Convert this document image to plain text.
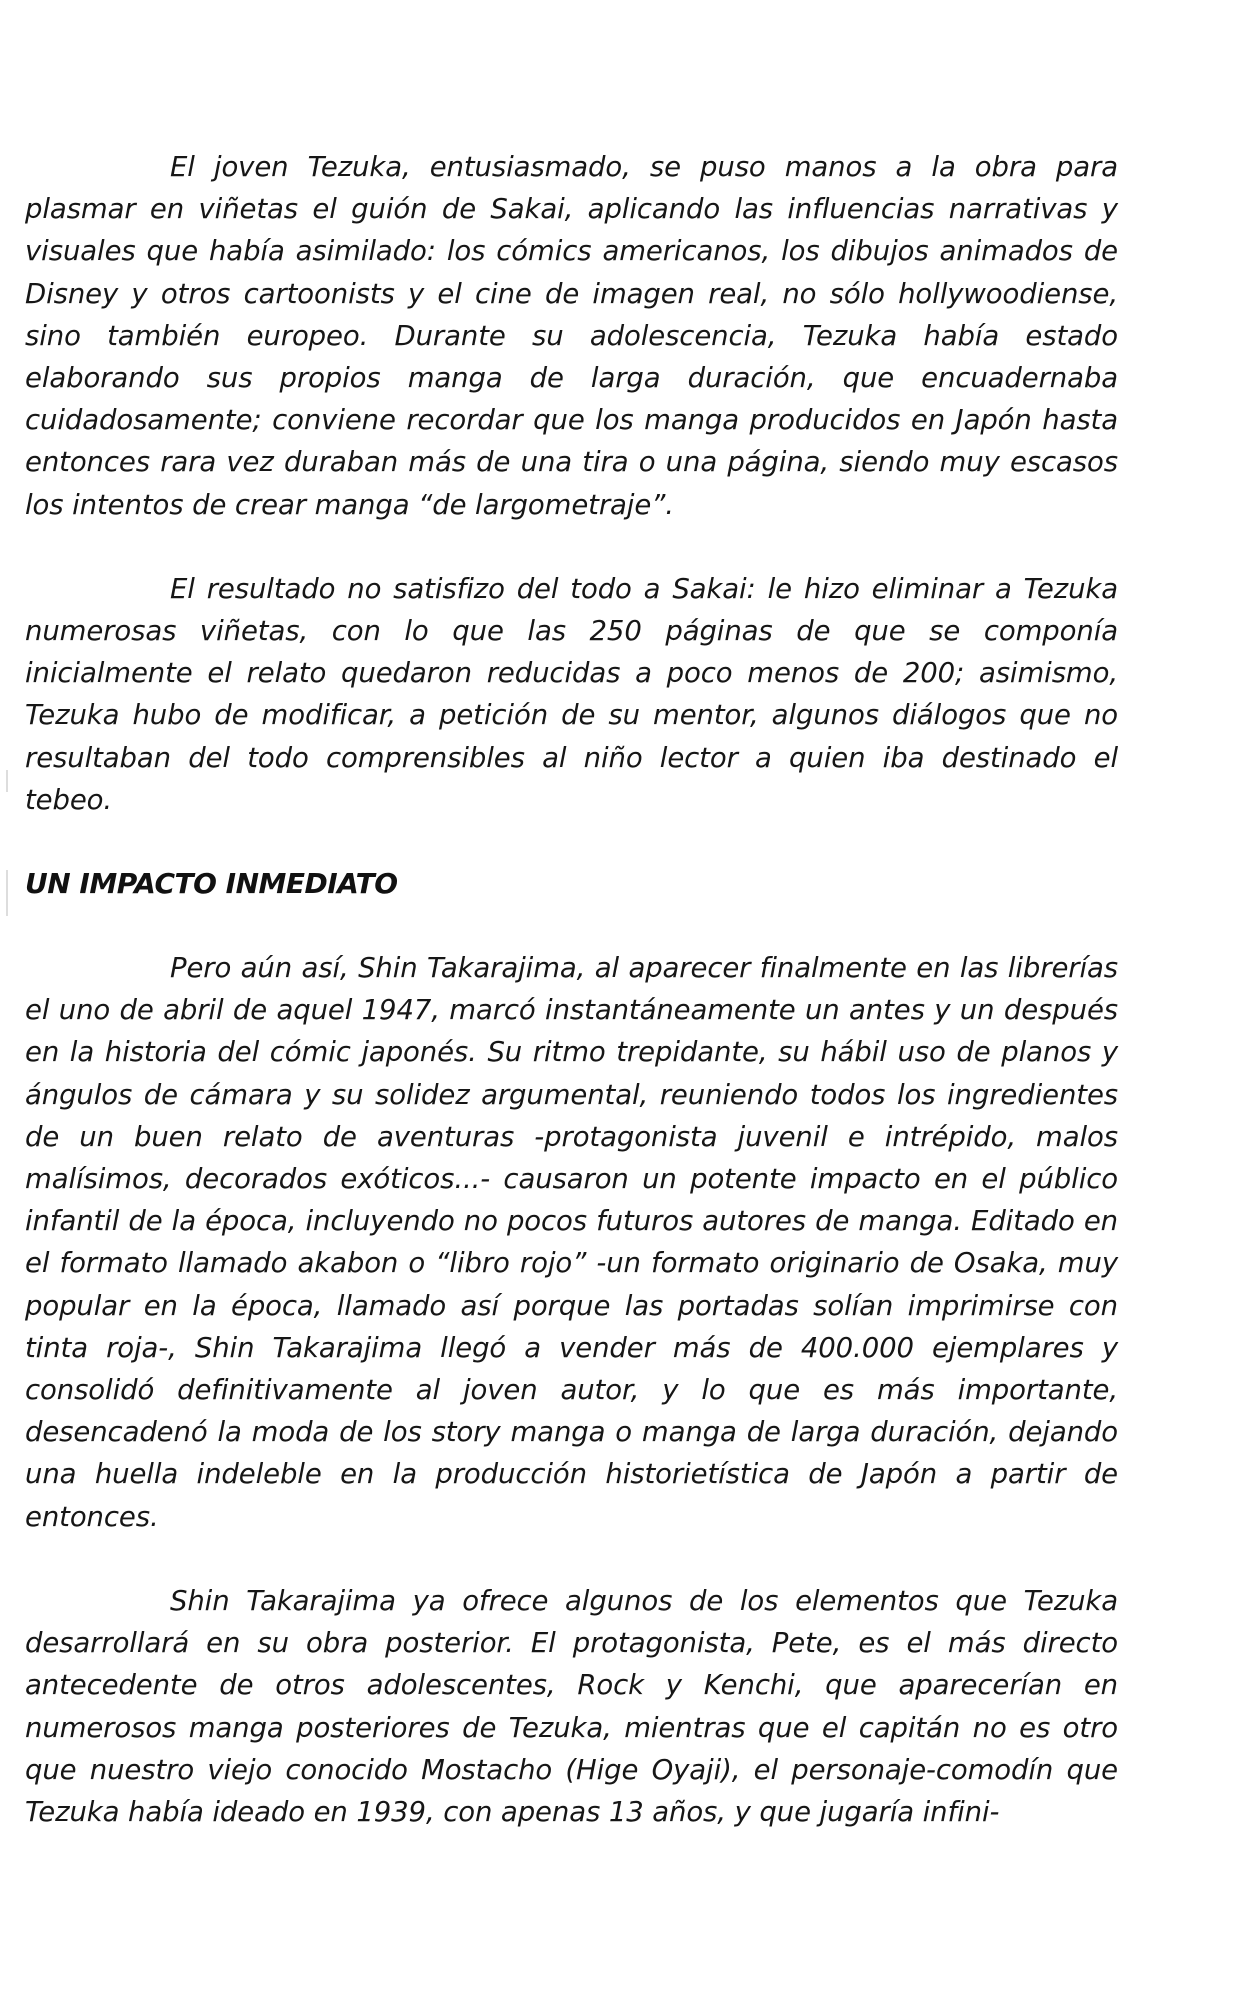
El joven Tezuka, entusiasmado, se puso manos a la obra para plasmar en viñetas el guión de Sakai, aplicando las influencias narrativas y visuales que había asimilado: los cómics americanos, los dibujos animados de Disney y otros cartoonists y el cine de imagen real, no sólo hollywoodiense, sino también europeo. Durante su adolescencia, Tezuka había estado elaborando sus propios manga de larga duración, que encuadernaba cuidadosamente; conviene recordar que los manga producidos en Japón hasta entonces rara vez duraban más de una tira o una página, siendo muy escasos los intentos de crear manga “de largometraje”.

El resultado no satisfizo del todo a Sakai: le hizo eliminar a Tezuka numerosas viñetas, con lo que las 250 páginas de que se componía inicialmente el relato quedaron reducidas a poco menos de 200; asimismo, Tezuka hubo de modificar, a petición de su mentor, algunos diálogos que no resultaban del todo comprensibles al niño lector a quien iba destinado el tebeo.

UN IMPACTO INMEDIATO

Pero aún así, Shin Takarajima, al aparecer finalmente en las librerías el uno de abril de aquel 1947, marcó instantáneamente un antes y un después en la historia del cómic japonés. Su ritmo trepidante, su hábil uso de planos y ángulos de cámara y su solidez argumental, reuniendo todos los ingredientes de un buen relato de aventuras -protagonista juvenil e intrépido, malos malísimos, decorados exóticos...- causaron un potente impacto en el público infantil de la época, incluyendo no pocos futuros autores de manga. Editado en el formato llamado akabon o “libro rojo” -un formato originario de Osaka, muy popular en la época, llamado así porque las portadas solían imprimirse con tinta roja-, Shin Takarajima llegó a vender más de 400.000 ejemplares y consolidó definitivamente al joven autor, y lo que es más importante, desencadenó la moda de los story manga o manga de larga duración, dejando una huella indeleble en la producción historietística de Japón a partir de entonces.

Shin Takarajima ya ofrece algunos de los elementos que Tezuka desarrollará en su obra posterior. El protagonista, Pete, es el más directo antecedente de otros adolescentes, Rock y Kenchi, que aparecerían en numerosos manga posteriores de Tezuka, mientras que el capitán no es otro que nuestro viejo conocido Mostacho (Hige Oyaji), el personaje-comodín que Tezuka había ideado en 1939, con apenas 13 años, y que jugaría infini-
